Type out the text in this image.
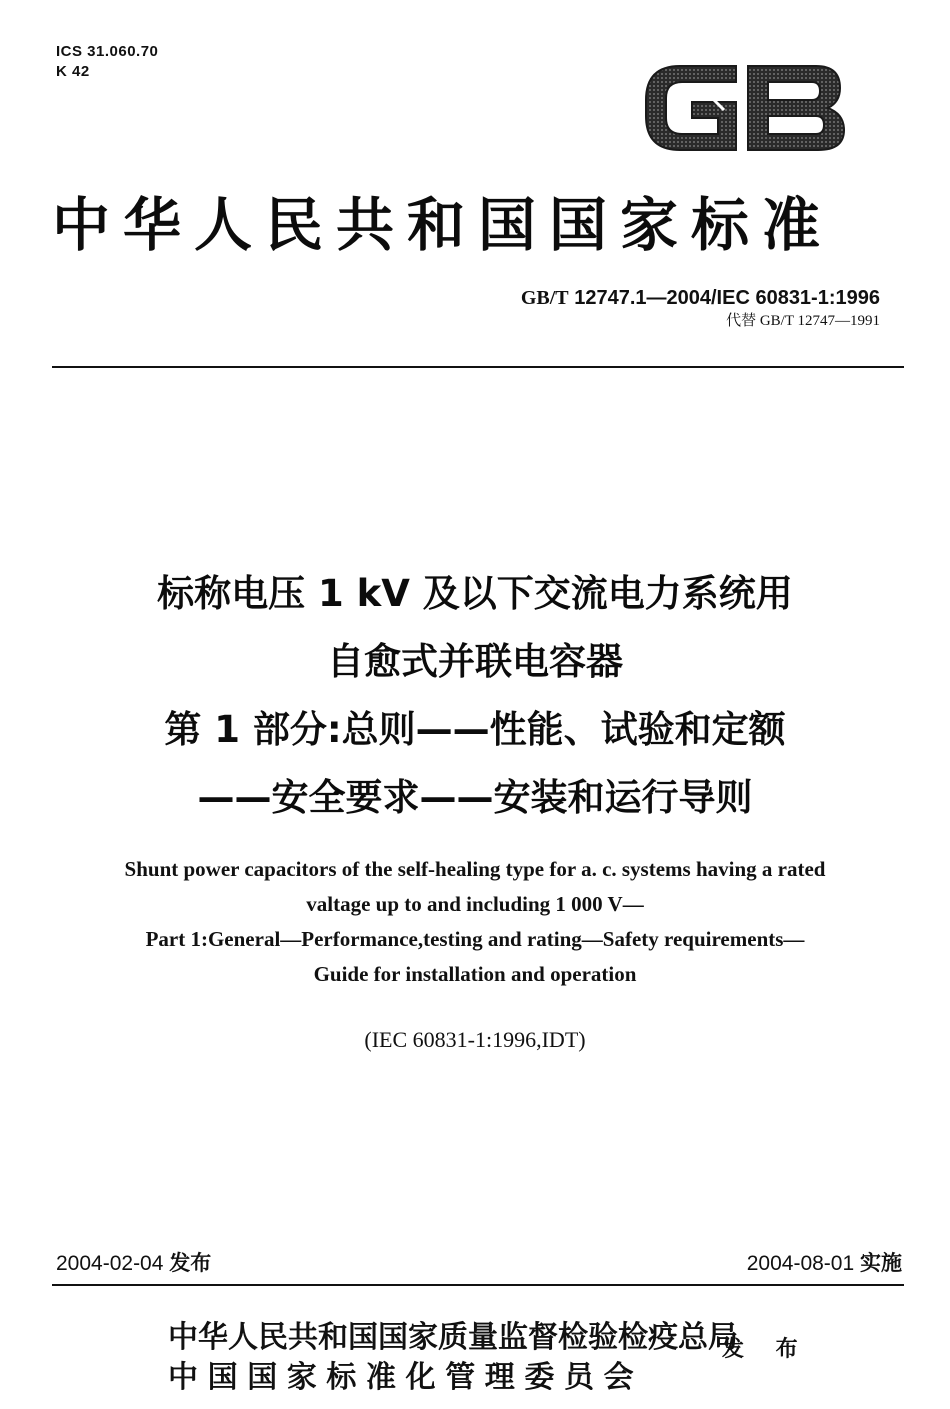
ICS 31.060.70
K 42
中华人民共和国国家标准
GB/T 12747.1—2004/IEC 60831-1:1996
代替 GB/T 12747—1991
标称电压 1 kV 及以下交流电力系统用
自愈式并联电容器
第 1 部分:总则——性能、试验和定额
——安全要求——安装和运行导则
Shunt power capacitors of the self-healing type for a. c. systems having a rated
valtage up to and including 1 000 V—
Part 1:General—Performance,testing and rating—Safety requirements—
Guide for installation and operation
(IEC 60831-1:1996,IDT)
2004-02-04 发布	2004-08-01 实施
中华人民共和国国家质量监督检验检疫总局
中国国家标准化管理委员会
发 布
